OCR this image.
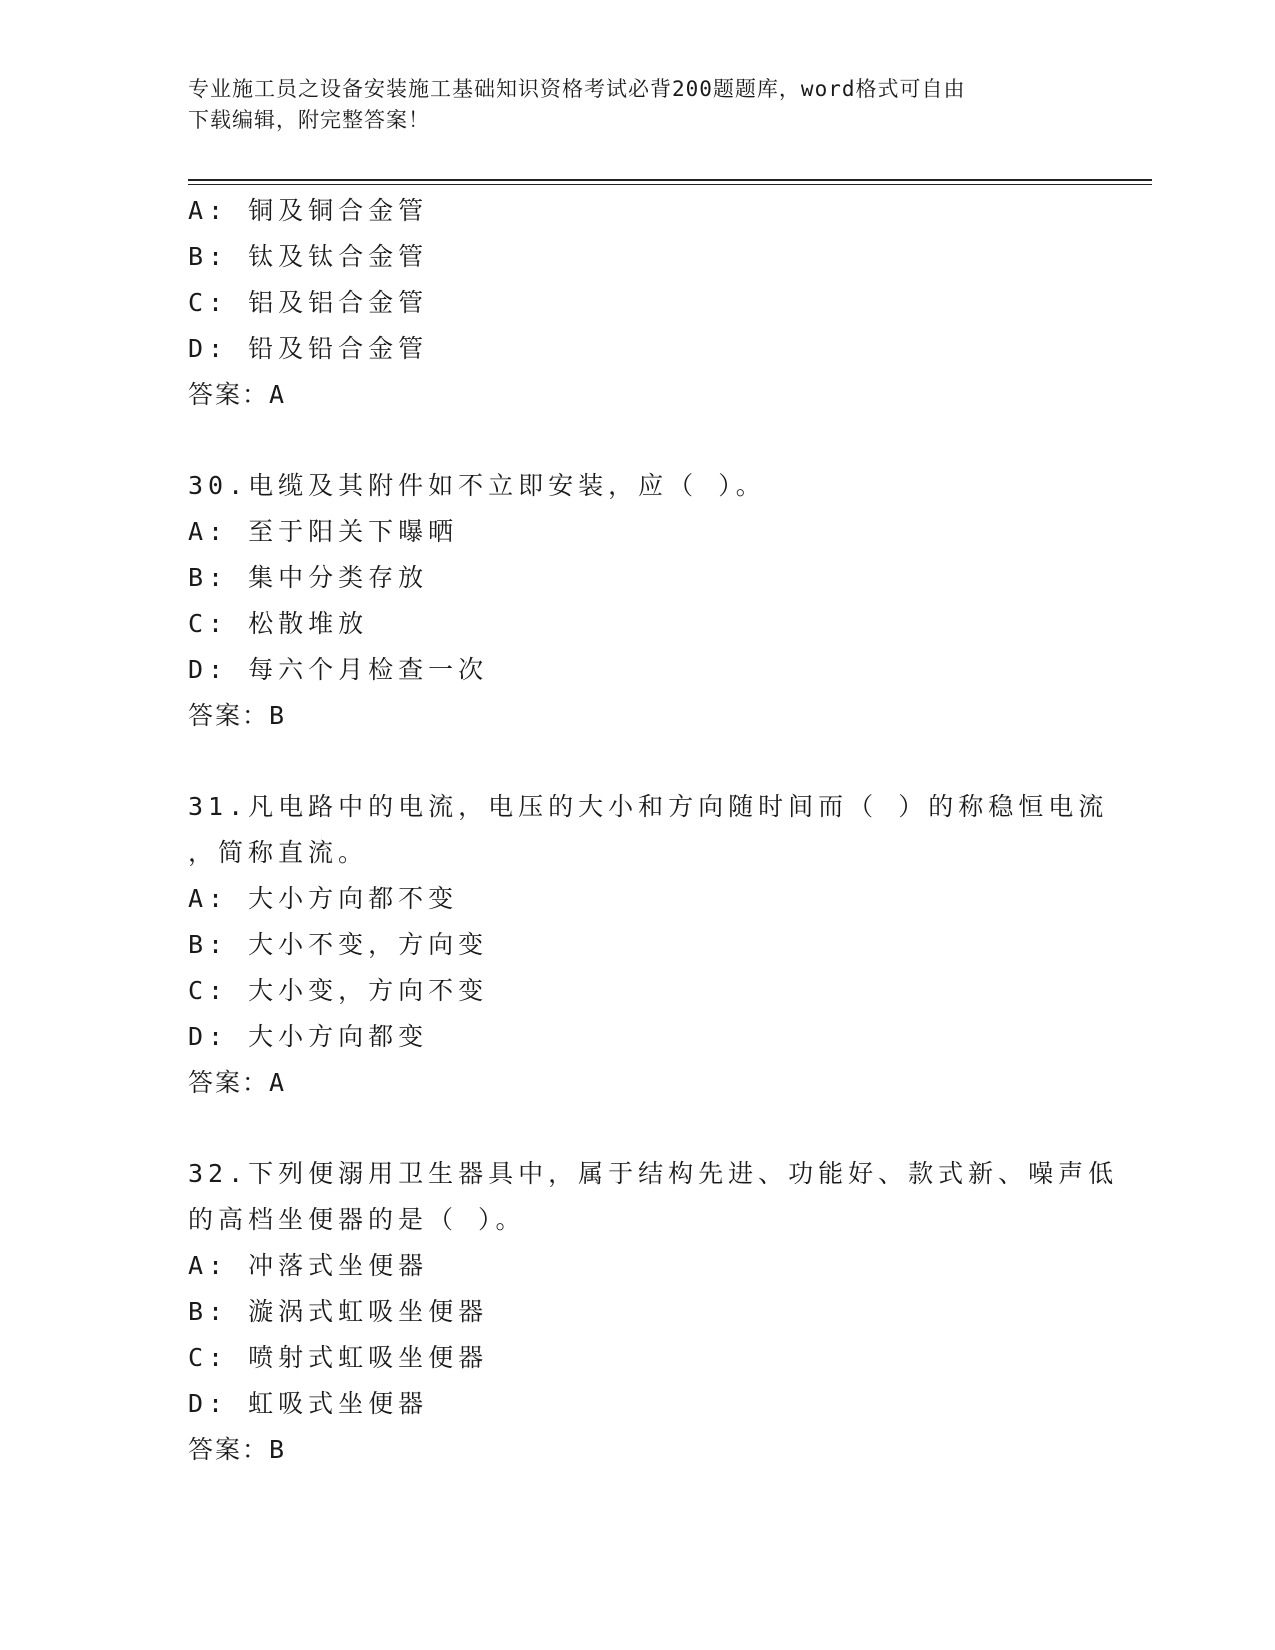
专业施工员之设备安装施工基础知识资格考试必背200题题库，word格式可自由
下载编辑，附完整答案！
A: 铜及铜合金管
B: 钛及钛合金管
C: 铝及铝合金管
D: 铅及铅合金管
答案：A
30.电缆及其附件如不立即安装，应（ ）。
A: 至于阳关下曝晒
B: 集中分类存放
C: 松散堆放
D: 每六个月检查一次
答案：B
31.凡电路中的电流，电压的大小和方向随时间而（ ）的称稳恒电流
，简称直流。
A: 大小方向都不变
B: 大小不变，方向变
C: 大小变，方向不变
D: 大小方向都变
答案：A
32.下列便溺用卫生器具中，属于结构先进、功能好、款式新、噪声低
的高档坐便器的是（ ）。
A: 冲落式坐便器
B: 漩涡式虹吸坐便器
C: 喷射式虹吸坐便器
D: 虹吸式坐便器
答案：B
